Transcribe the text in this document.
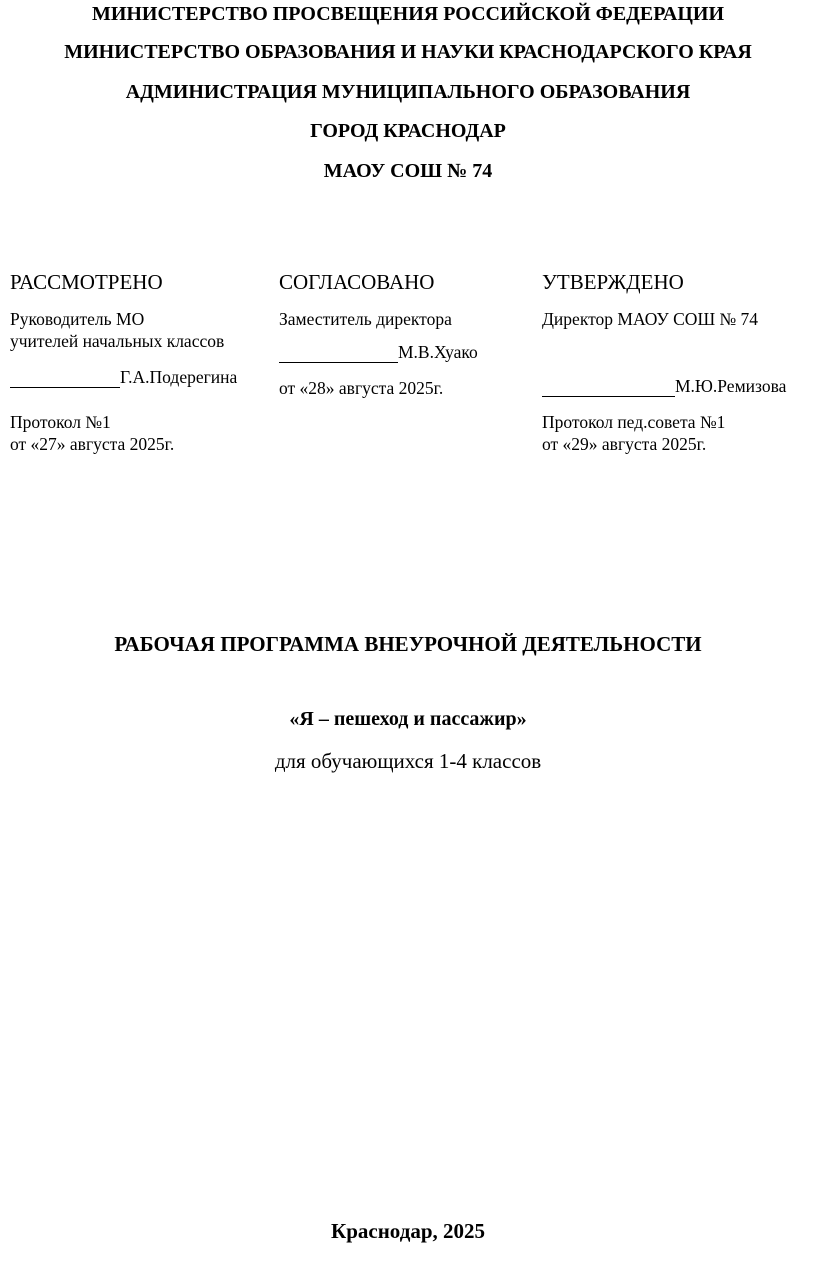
МИНИСТЕРСТВО ПРОСВЕЩЕНИЯ РОССИЙСКОЙ ФЕДЕРАЦИИ

МИНИСТЕРСТВО ОБРАЗОВАНИЯ И НАУКИ КРАСНОДАРСКОГО КРАЯ

АДМИНИСТРАЦИЯ МУНИЦИПАЛЬНОГО ОБРАЗОВАНИЯ

ГОРОД КРАСНОДАР

МАОУ СОШ № 74

РАССМОТРЕНО

Руководитель МО

учителей начальных классов

Г.А.Подерегина

Протокол №1

от «27» августа 2025г.

СОГЛАСОВАНО

Заместитель директора

М.В.Хуако

от «28» августа 2025г.

УТВЕРЖДЕНО

Директор МАОУ СОШ № 74

М.Ю.Ремизова

Протокол пед.совета №1

от «29» августа 2025г.

РАБОЧАЯ ПРОГРАММА ВНЕУРОЧНОЙ ДЕЯТЕЛЬНОСТИ

«Я – пешеход и пассажир»

для обучающихся 1-4 классов

Краснодар, 2025
